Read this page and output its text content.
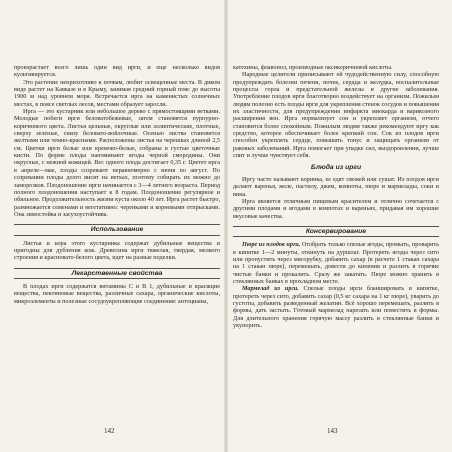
произрастает всего лишь один вид ирги, и еще несколько видов культивируется.

Это растение неприхотливо к почвам, любит освещенные места. В диком виде растет на Кавказе и в Крыму, занимая средний горный пояс до высоты 1900 м над уровнем моря. Встречается ирга на каменистых солнечных местах, в поясе светлых лесов, местами образует заросли.

Ирга — это кустарник или небольшое дерево с прямостоящими ветками. Молодые побеги ирги беловатобежевые, затем становятся пурпурно-коричневого цвета. Листья цельные, округлые или эллиптические, плотные, сверху зеленые, снизу беловато-войлочные. Осенью листва становится желтыми или темно-красными. Расположены листья на черешках длиной 2,5 см. Цветки ирги белые или кремово-белые, собраны в густые цветочные кисти. По форме плоды напоминают ягоды черной смородины. Они округлые, с нежной кожицей. Вес одного плода достигает 0,35 г. Цветет ирга в апреле—мае, плоды созревают неравномерно с июня по август. По созревании плоды долго висят на ветках, поэтому собирать их можно до заморозков. Плодоношение ирги начинается с 3—4 летнего возраста. Период полного плодоношения наступает к 8 годам. Плодоношение регулярное и обильное. Продолжительность жизни куста около 40 лет. Ирга растет быстро, размножается семенами и вегетативно: черенками и корневыми отпрысками. Она зимостойка и засухоустойчива.

Использование

Листья и кора этого кустарника содержат дубильные вещества и пригодны для дубления кож. Древесина ирги тяжелая, твердая, мелкого строения и красновато-белого цвета, идет на разные поделки.

Лекарственные свойства

В плодах ирги содержатся витамины С и В 1, дубильные и красящие вещества, пектиновые вещества, различные сахара, органические кислоты, микроэлементы и полезные сосудоукрепляющие соединения: антоцианы,

142

катехины, флавонол, производные оксикоричневой кислоты.

Народные целители приписывают ей чудодейственную силу, способную предупреждать болезни печени, почек, сердца и желудка, воспалительные процессы горла и предстательной железы и другие заболевания. Употребление плодов ирги благотворно воздействует на организм. Пожилым людям полезно есть плоды ирги для укрепления стенок сосудов и повышения их эластичности, для предупреждения инфаркта миокарда и варикозного расширения вен. Ирга нормализует сон и укрепляет организм, отчего становится более спокойным. Пожилым людям также рекомендуют иргу как средство, которое обеспечивает более крепкий сон. Сок из плодов ирги способен укреплять сердце, повышать тонус и защищать организм от раковых заболеваний. Ирга помогает при упадке сил, выздоровлении, лучше спит и лучше чувствует себя.

Блюда из ирги

Иргу часто называют коринка, ее едят свежей или сушат. Из плодов ирги делают варенья, желе, пастилу, джем, компоты, пюре и мармелады, соки и вина.

Ирга является отличным пищевым красителем и отлично сочетается с другими плодами и ягодами в компотах и вареньях, придавая им хорошие вкусовые качества.

Консервирование

Пюре из плодов ирги. Отобрать только спелые ягоды, промыть, проварить в кипятке 1—2 минуты, откинуть на дуршлаг. Протереть ягоды через сито или пропустить через мясорубку, добавить сахар (в расчете 1 стакан сахара на 1 стакан пюре), перемешать, довести до кипения и разлить в горячие чистые банки и прокалить. Сразу же закатать. Пюре можно хранить в стеклянных банках в прохладном месте.

Мармелад из ирги. Спелые плоды ирги бланшировать в кипятке, протереть через сито, добавить сахар (0,5 кг сахара на 1 кг пюре), уварить до густоты, добавить разведенный желатин. Всё хорошо перемешать, разлить в формы, дать застыть. Готовый мармелад нарезать или поместить в формы. Для длительного хранения горячую массу разлить в стеклянные банки и укупорить.

143
